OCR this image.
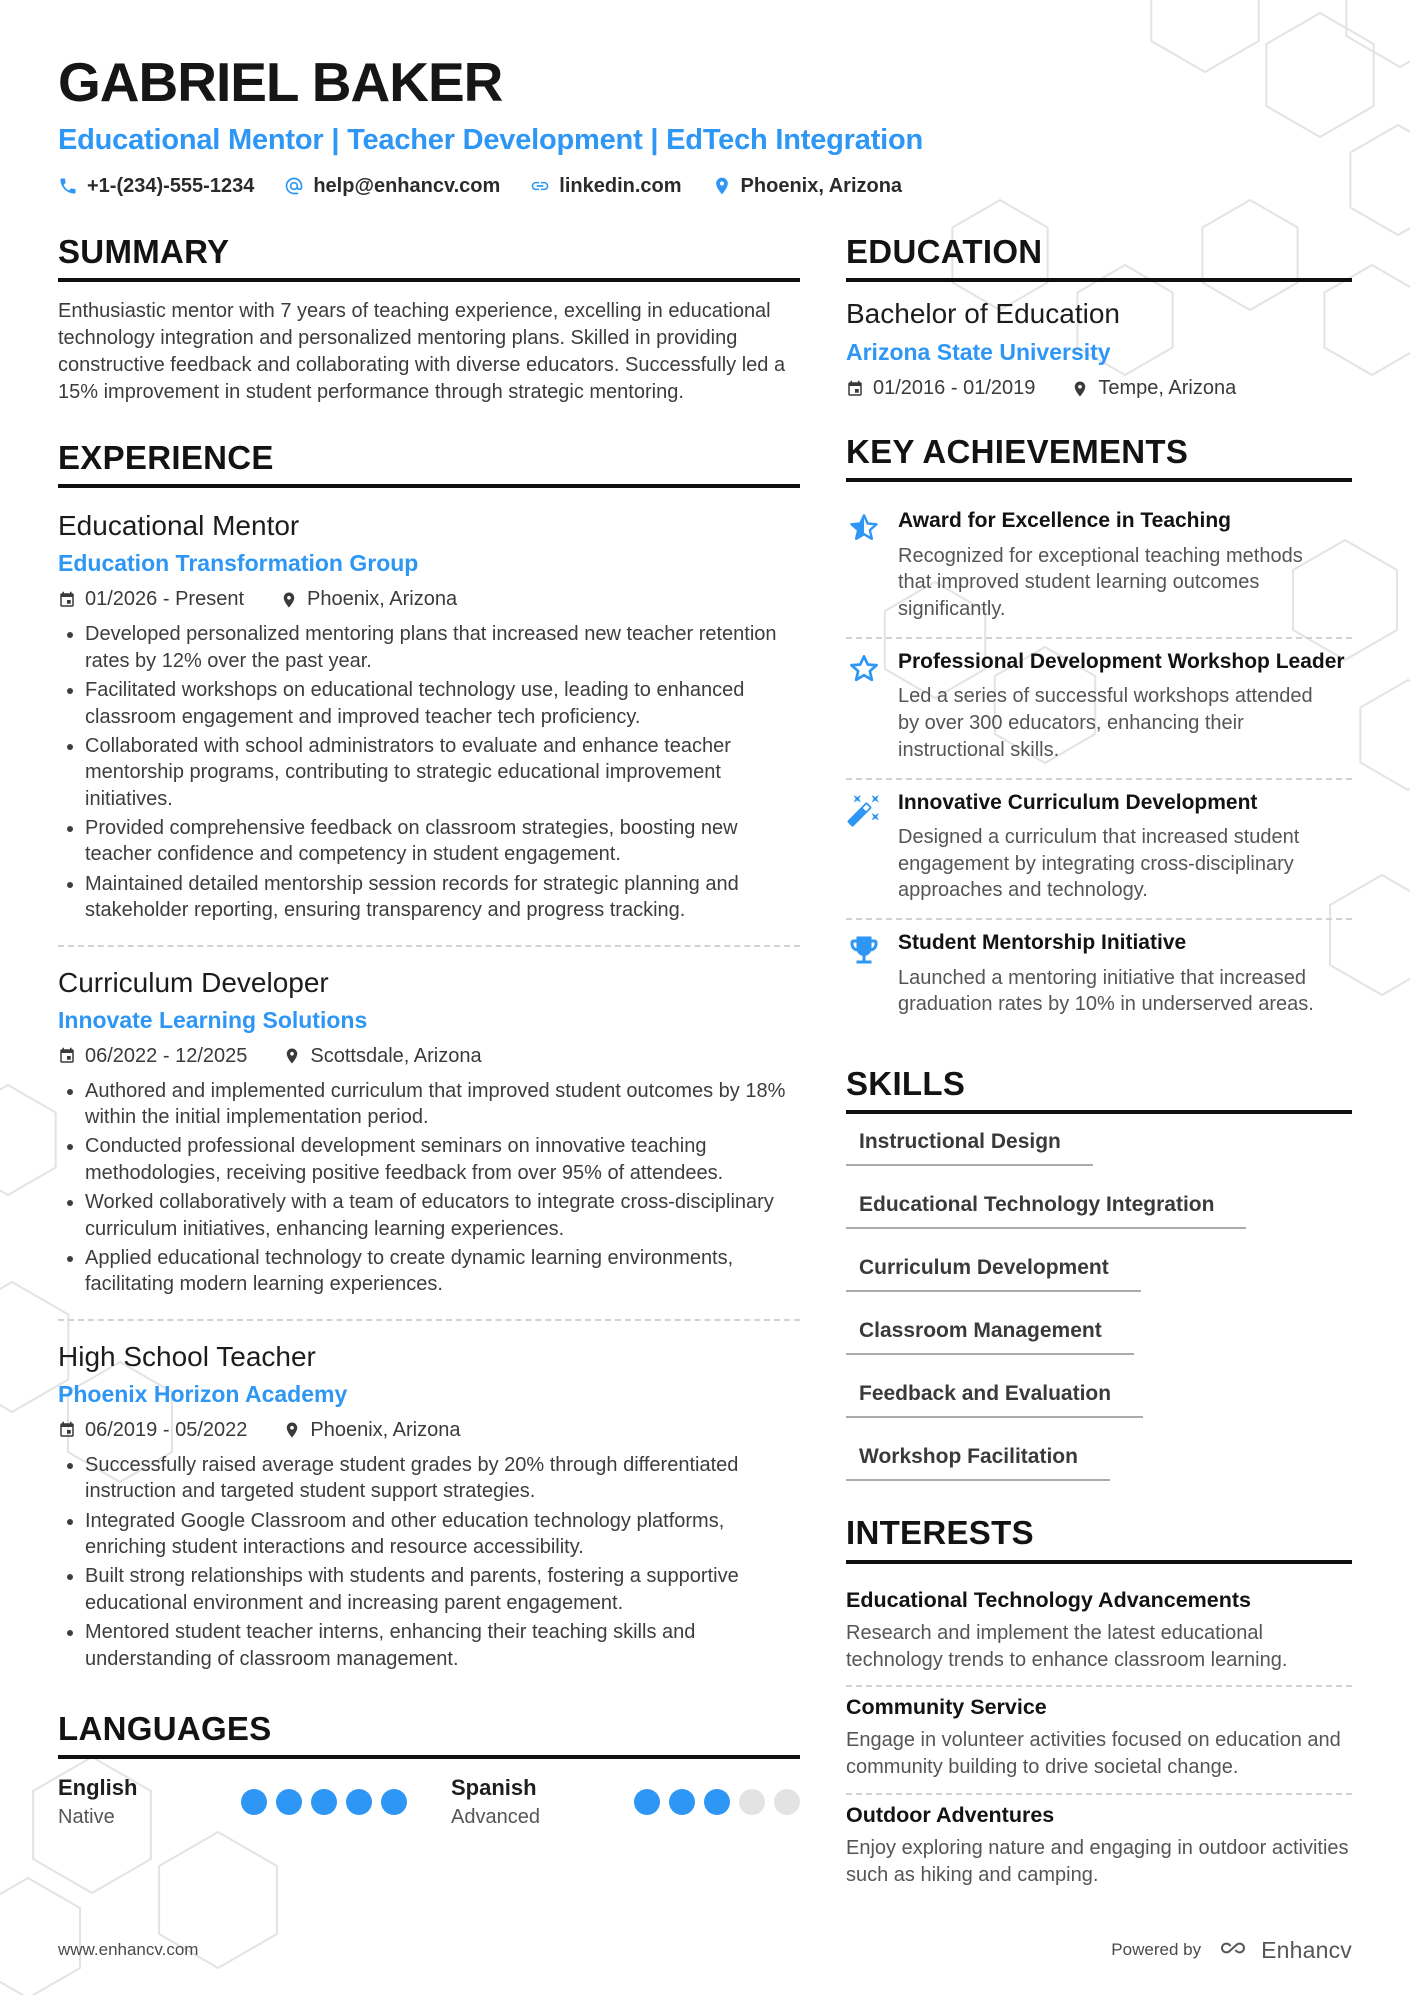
GABRIEL BAKER
Educational Mentor | Teacher Development | EdTech Integration
+1-(234)-555-1234	help@enhancv.com	linkedin.com	Phoenix, Arizona
SUMMARY

Enthusiastic mentor with 7 years of teaching experience, excelling in educational technology integration and personalized mentoring plans. Skilled in providing constructive feedback and collaborating with diverse educators. Successfully led a 15% improvement in student performance through strategic mentoring.

EXPERIENCE
Educational Mentor
Education Transformation Group
01/2026 - Present	Phoenix, Arizona
• Developed personalized mentoring plans that increased new teacher retention rates by 12% over the past year.
• Facilitated workshops on educational technology use, leading to enhanced classroom engagement and improved teacher tech proficiency.
• Collaborated with school administrators to evaluate and enhance teacher mentorship programs, contributing to strategic educational improvement initiatives.
• Provided comprehensive feedback on classroom strategies, boosting new teacher confidence and competency in student engagement.
• Maintained detailed mentorship session records for strategic planning and stakeholder reporting, ensuring transparency and progress tracking.
Curriculum Developer
Innovate Learning Solutions
06/2022 - 12/2025	Scottsdale, Arizona
• Authored and implemented curriculum that improved student outcomes by 18% within the initial implementation period.
• Conducted professional development seminars on innovative teaching methodologies, receiving positive feedback from over 95% of attendees.
• Worked collaboratively with a team of educators to integrate cross-disciplinary curriculum initiatives, enhancing learning experiences.
• Applied educational technology to create dynamic learning environments, facilitating modern learning experiences.
High School Teacher
Phoenix Horizon Academy
06/2019 - 05/2022	Phoenix, Arizona
• Successfully raised average student grades by 20% through differentiated instruction and targeted student support strategies.
• Integrated Google Classroom and other education technology platforms, enriching student interactions and resource accessibility.
• Built strong relationships with students and parents, fostering a supportive educational environment and increasing parent engagement.
• Mentored student teacher interns, enhancing their teaching skills and understanding of classroom management.
LANGUAGES
English
Native
Spanish
Advanced
EDUCATION
Bachelor of Education
Arizona State University
01/2016 - 01/2019	Tempe, Arizona
KEY ACHIEVEMENTS
Award for Excellence in Teaching
Recognized for exceptional teaching methods that improved student learning outcomes significantly.
Professional Development Workshop Leader
Led a series of successful workshops attended by over 300 educators, enhancing their instructional skills.
Innovative Curriculum Development
Designed a curriculum that increased student engagement by integrating cross-disciplinary approaches and technology.
Student Mentorship Initiative
Launched a mentoring initiative that increased graduation rates by 10% in underserved areas.
SKILLS
Instructional Design
Educational Technology Integration
Curriculum Development
Classroom Management
Feedback and Evaluation
Workshop Facilitation
INTERESTS
Educational Technology Advancements
Research and implement the latest educational technology trends to enhance classroom learning.
Community Service
Engage in volunteer activities focused on education and community building to drive societal change.
Outdoor Adventures
Enjoy exploring nature and engaging in outdoor activities such as hiking and camping.
www.enhancv.com	Powered by	Enhancv
